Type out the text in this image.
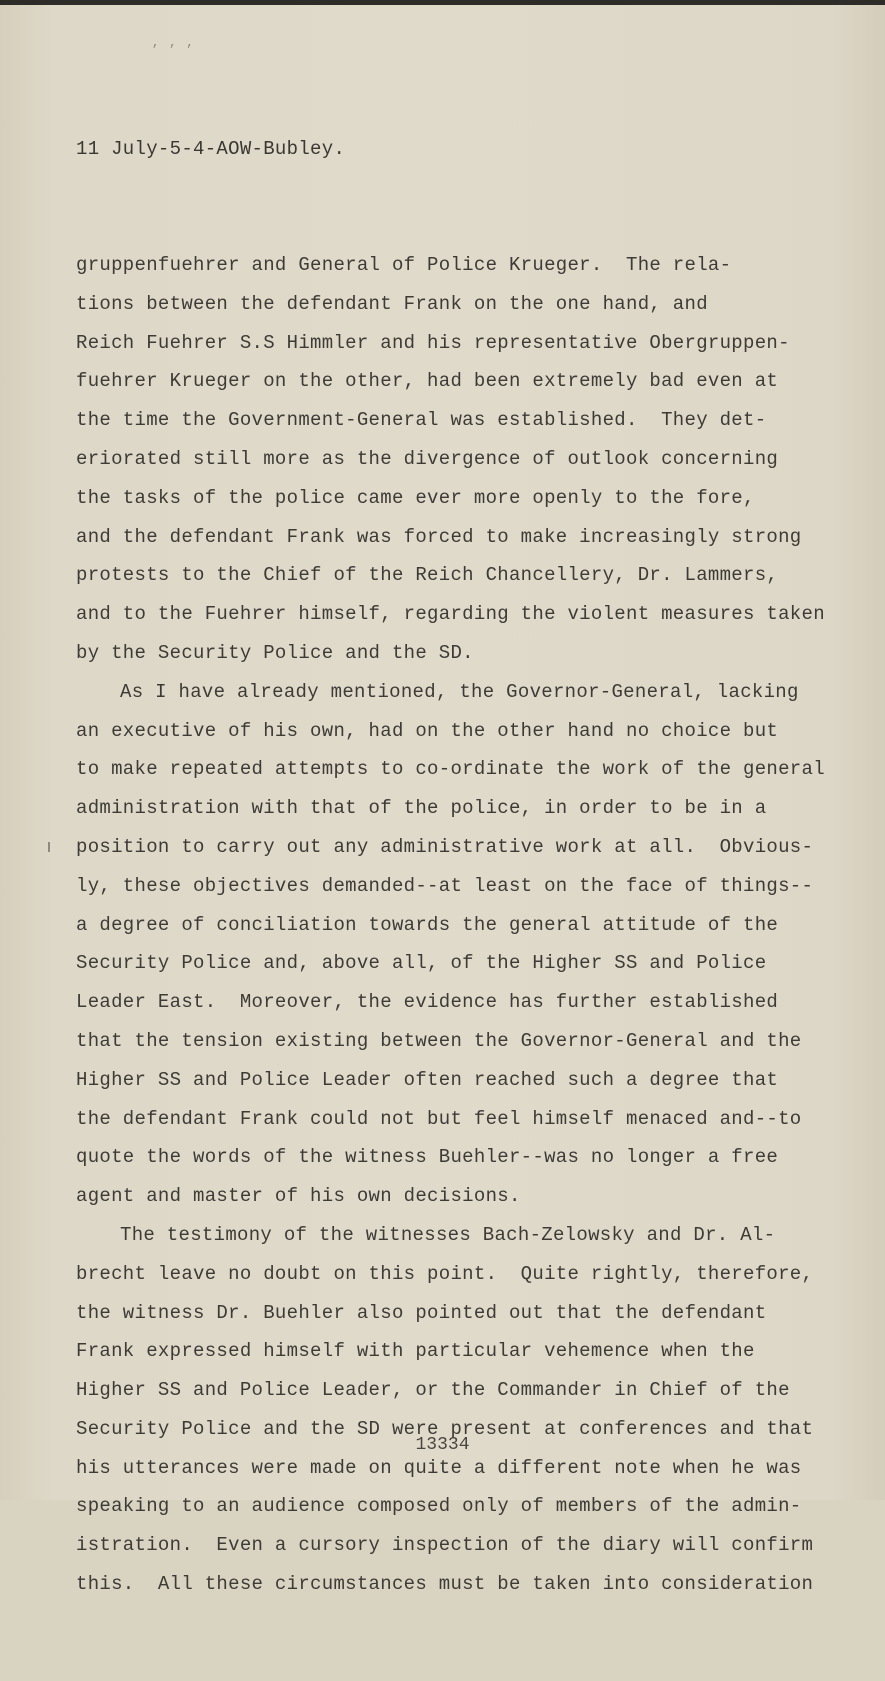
,,,

11 July-5-4-AOW-Bubley.

gruppenfuehrer and General of Police Krueger.  The rela-
tions between the defendant Frank on the one hand, and
Reich Fuehrer S.S Himmler and his representative Obergruppen-
fuehrer Krueger on the other, had been extremely bad even at
the time the Government-General was established.  They det-
eriorated still more as the divergence of outlook concerning
the tasks of the police came ever more openly to the fore,
and the defendant Frank was forced to make increasingly strong
protests to the Chief of the Reich Chancellery, Dr. Lammers,
and to the Fuehrer himself, regarding the violent measures taken
by the Security Police and the SD.
As I have already mentioned, the Governor-General, lacking
an executive of his own, had on the other hand no choice but
to make repeated attempts to co-ordinate the work of the general
administration with that of the police, in order to be in a
position to carry out any administrative work at all.  Obvious-
ly, these objectives demanded--at least on the face of things--
a degree of conciliation towards the general attitude of the
Security Police and, above all, of the Higher SS and Police
Leader East.  Moreover, the evidence has further established
that the tension existing between the Governor-General and the
Higher SS and Police Leader often reached such a degree that
the defendant Frank could not but feel himself menaced and--to
quote the words of the witness Buehler--was no longer a free
agent and master of his own decisions.
The testimony of the witnesses Bach-Zelowsky and Dr. Al-
brecht leave no doubt on this point.  Quite rightly, therefore,
the witness Dr. Buehler also pointed out that the defendant
Frank expressed himself with particular vehemence when the
Higher SS and Police Leader, or the Commander in Chief of the
Security Police and the SD were present at conferences and that
his utterances were made on quite a different note when he was
speaking to an audience composed only of members of the admin-
istration.  Even a cursory inspection of the diary will confirm
this.  All these circumstances must be taken into consideration

13334
